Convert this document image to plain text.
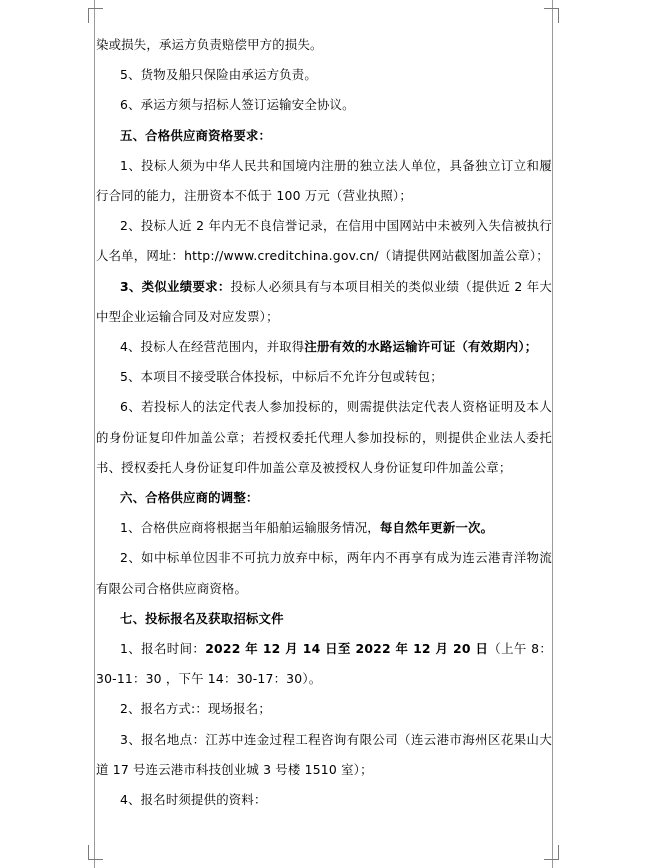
染或损失，承运方负责赔偿甲方的损失。

5、货物及船只保险由承运方负责。

6、承运方须与招标人签订运输安全协议。

五、合格供应商资格要求：

1、投标人须为中华人民共和国境内注册的独立法人单位，具备独立订立和履行合同的能力，注册资本不低于 100 万元（营业执照）；

2、投标人近 2 年内无不良信誉记录，在信用中国网站中未被列入失信被执行人名单，网址：http://www.creditchina.gov.cn/（请提供网站截图加盖公章）；

3、类似业绩要求：投标人必须具有与本项目相关的类似业绩（提供近 2 年大中型企业运输合同及对应发票）；

4、投标人在经营范围内，并取得注册有效的水路运输许可证（有效期内）；

5、本项目不接受联合体投标，中标后不允许分包或转包；

6、若投标人的法定代表人参加投标的，则需提供法定代表人资格证明及本人的身份证复印件加盖公章；若授权委托代理人参加投标的，则提供企业法人委托书、授权委托人身份证复印件加盖公章及被授权人身份证复印件加盖公章；

六、合格供应商的调整：

1、合格供应商将根据当年船舶运输服务情况，每自然年更新一次。

2、如中标单位因非不可抗力放弃中标，两年内不再享有成为连云港青洋物流有限公司合格供应商资格。

七、投标报名及获取招标文件

1、报名时间：2022 年 12 月 14 日至 2022 年 12 月 20 日（上午 8：30-11：30 ，下午 14：30-17：30）。

2、报名方式:：现场报名；

3、报名地点：江苏中连金过程工程咨询有限公司（连云港市海州区花果山大道 17 号连云港市科技创业城 3 号楼 1510 室）；

4、报名时须提供的资料：
